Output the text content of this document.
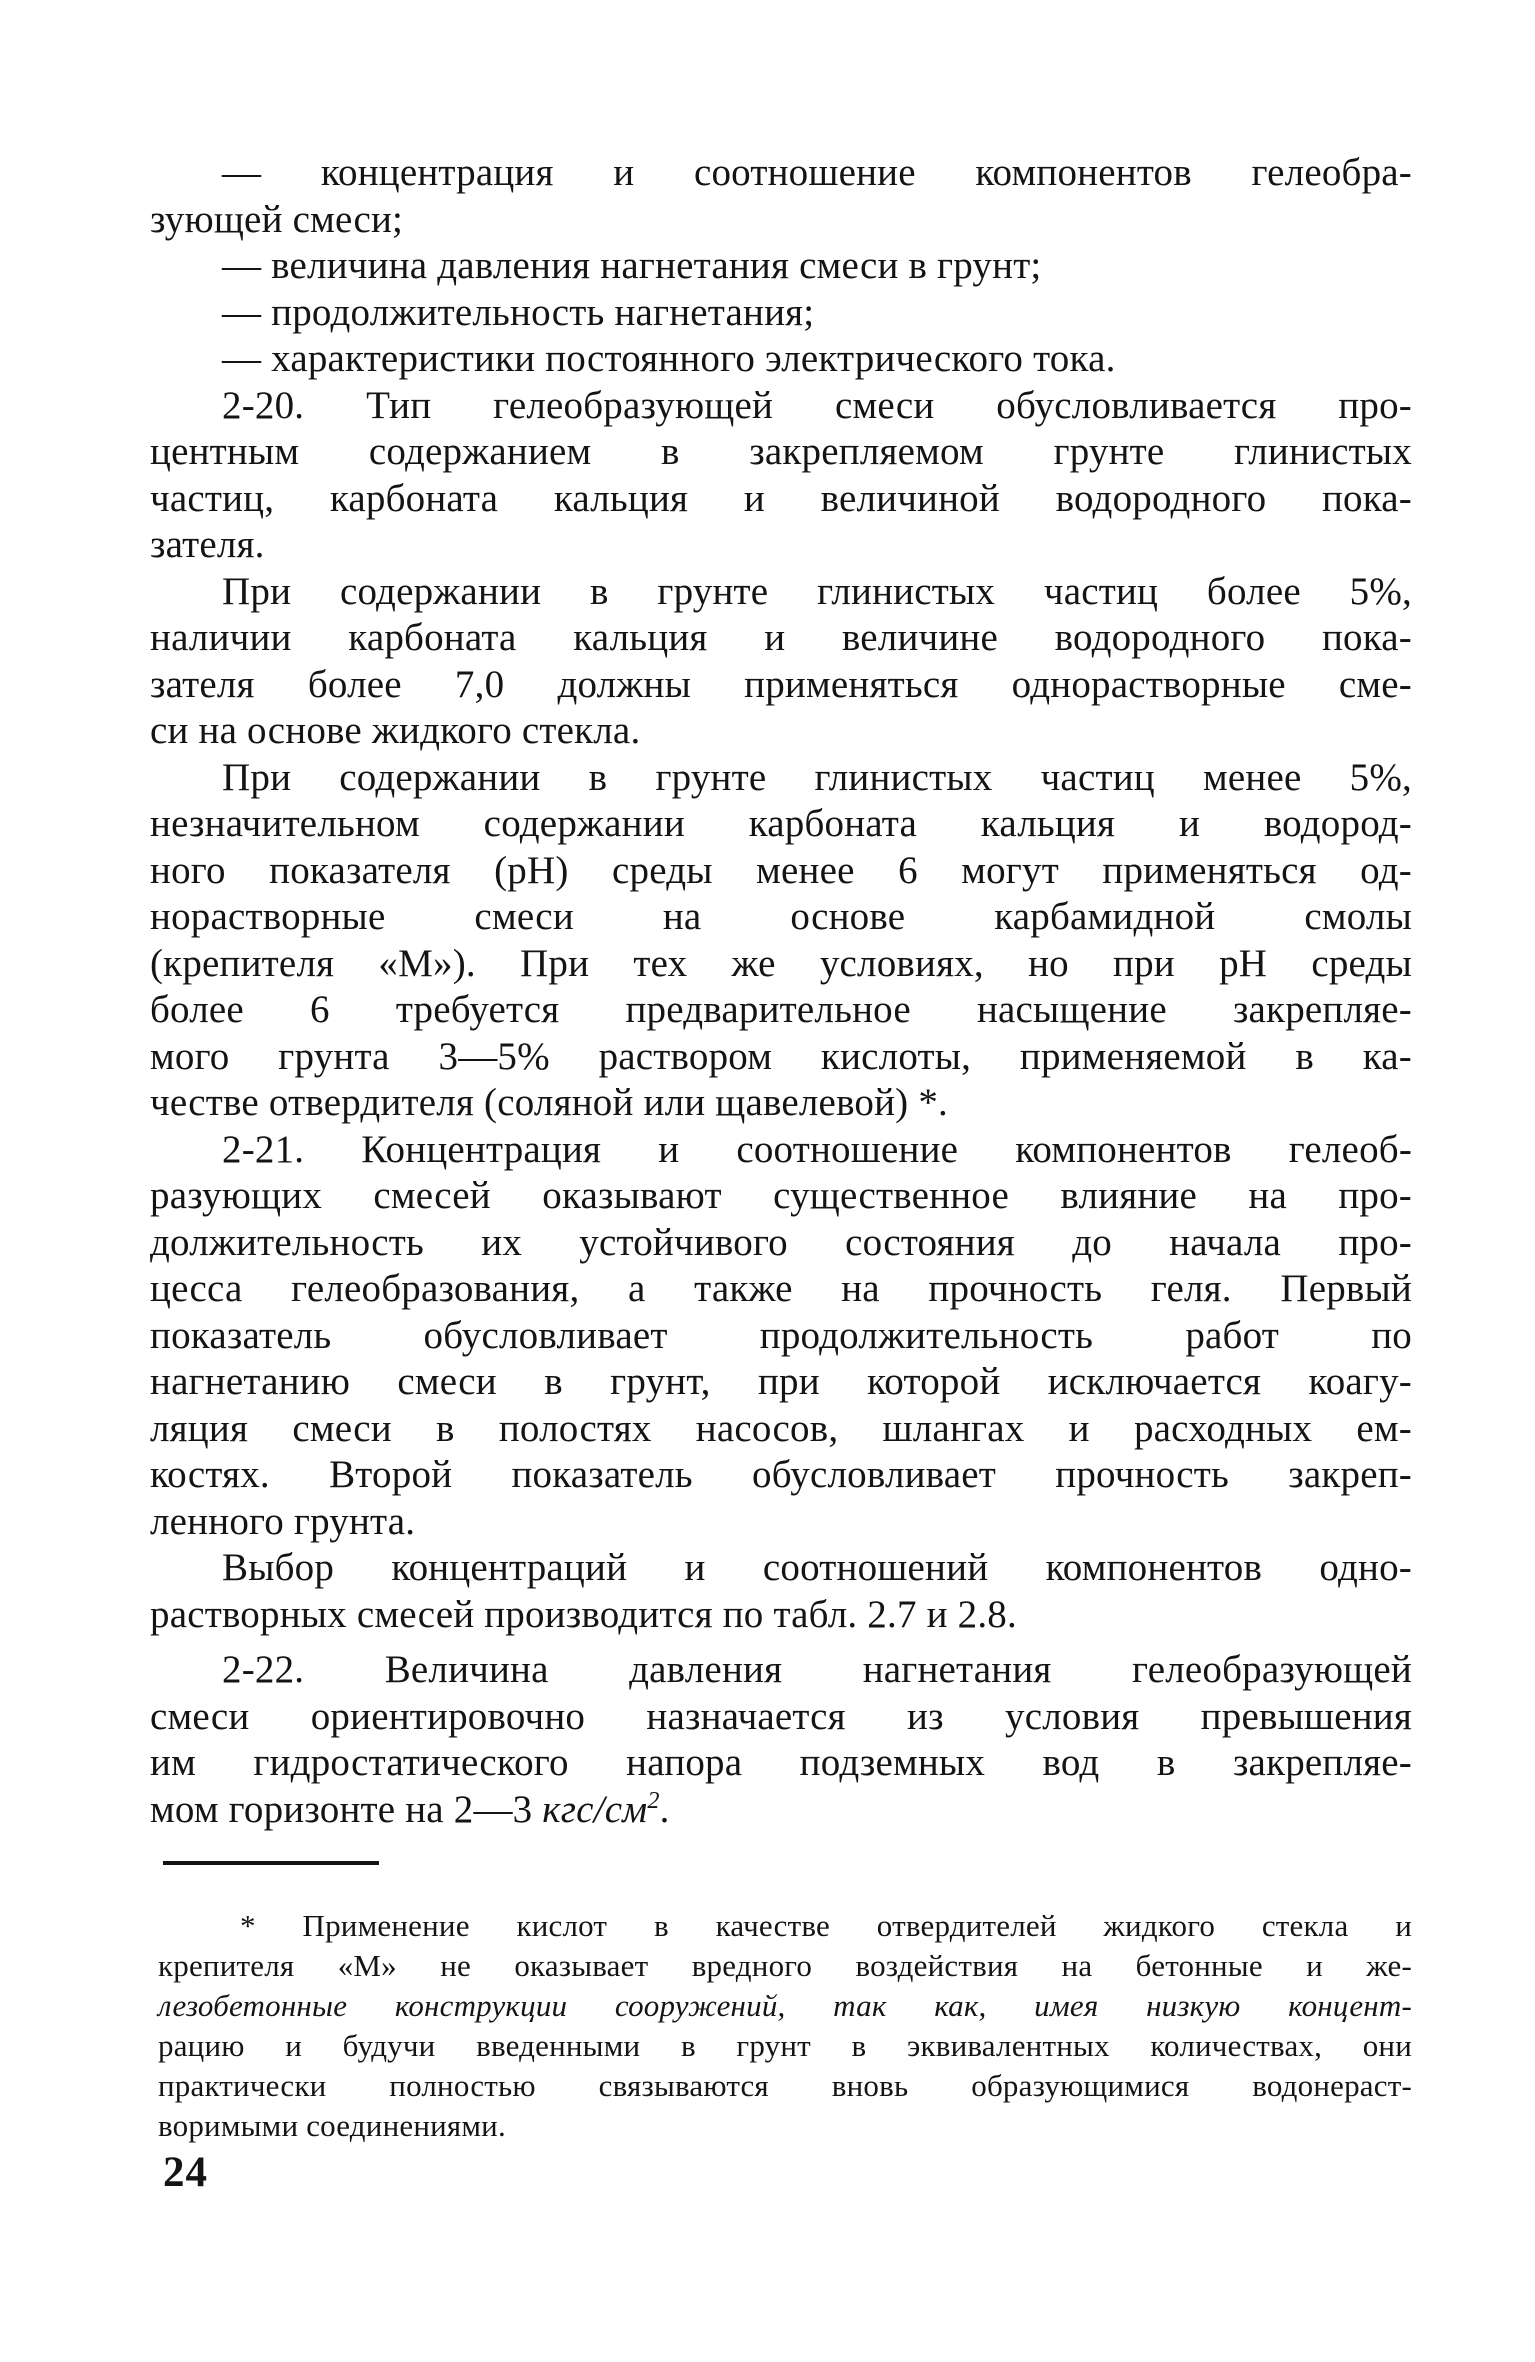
— концентрация и соотношение компонентов гелеобра-
зующей смеси;
— величина давления нагнетания смеси в грунт;
— продолжительность нагнетания;
— характеристики постоянного электрического тока.
2-20. Тип гелеобразующей смеси обусловливается про-
центным содержанием в закрепляемом грунте глинистых
частиц, карбоната кальция и величиной водородного пока-
зателя.
При содержании в грунте глинистых частиц более 5%,
наличии карбоната кальция и величине водородного пока-
зателя более 7,0 должны применяться однорастворные сме-
си на основе жидкого стекла.
При содержании в грунте глинистых частиц менее 5%,
незначительном содержании карбоната кальция и водород-
ного показателя (рН) среды менее 6 могут применяться од-
норастворные смеси на основе карбамидной смолы
(крепителя «М»). При тех же условиях, но при рН среды
более 6 требуется предварительное насыщение закрепляе-
мого грунта 3—5% раствором кислоты, применяемой в ка-
честве отвердителя (соляной или щавелевой) *.
2-21. Концентрация и соотношение компонентов гелеоб-
разующих смесей оказывают существенное влияние на про-
должительность их устойчивого состояния до начала про-
цесса гелеобразования, а также на прочность геля. Первый
показатель обусловливает продолжительность работ по
нагнетанию смеси в грунт, при которой исключается коагу-
ляция смеси в полостях насосов, шлангах и расходных ем-
костях. Второй показатель обусловливает прочность закреп-
ленного грунта.
Выбор концентраций и соотношений компонентов одно-
растворных смесей производится по табл. 2.7 и 2.8.
2-22. Величина давления нагнетания гелеобразующей
смеси ориентировочно назначается из условия превышения
им гидростатического напора подземных вод в закрепляе-
мом горизонте на 2—3 кгс/$см^2$.
* Применение кислот в качестве отвердителей жидкого стекла и
крепителя «М» не оказывает вредного воздействия на бетонные и же-
лезобетонные конструкции сооружений, так как, имея низкую концент-
рацию и будучи введенными в грунт в эквивалентных количествах, они
практически полностью связываются вновь образующимися водонераст-
воримыми соединениями.
24
